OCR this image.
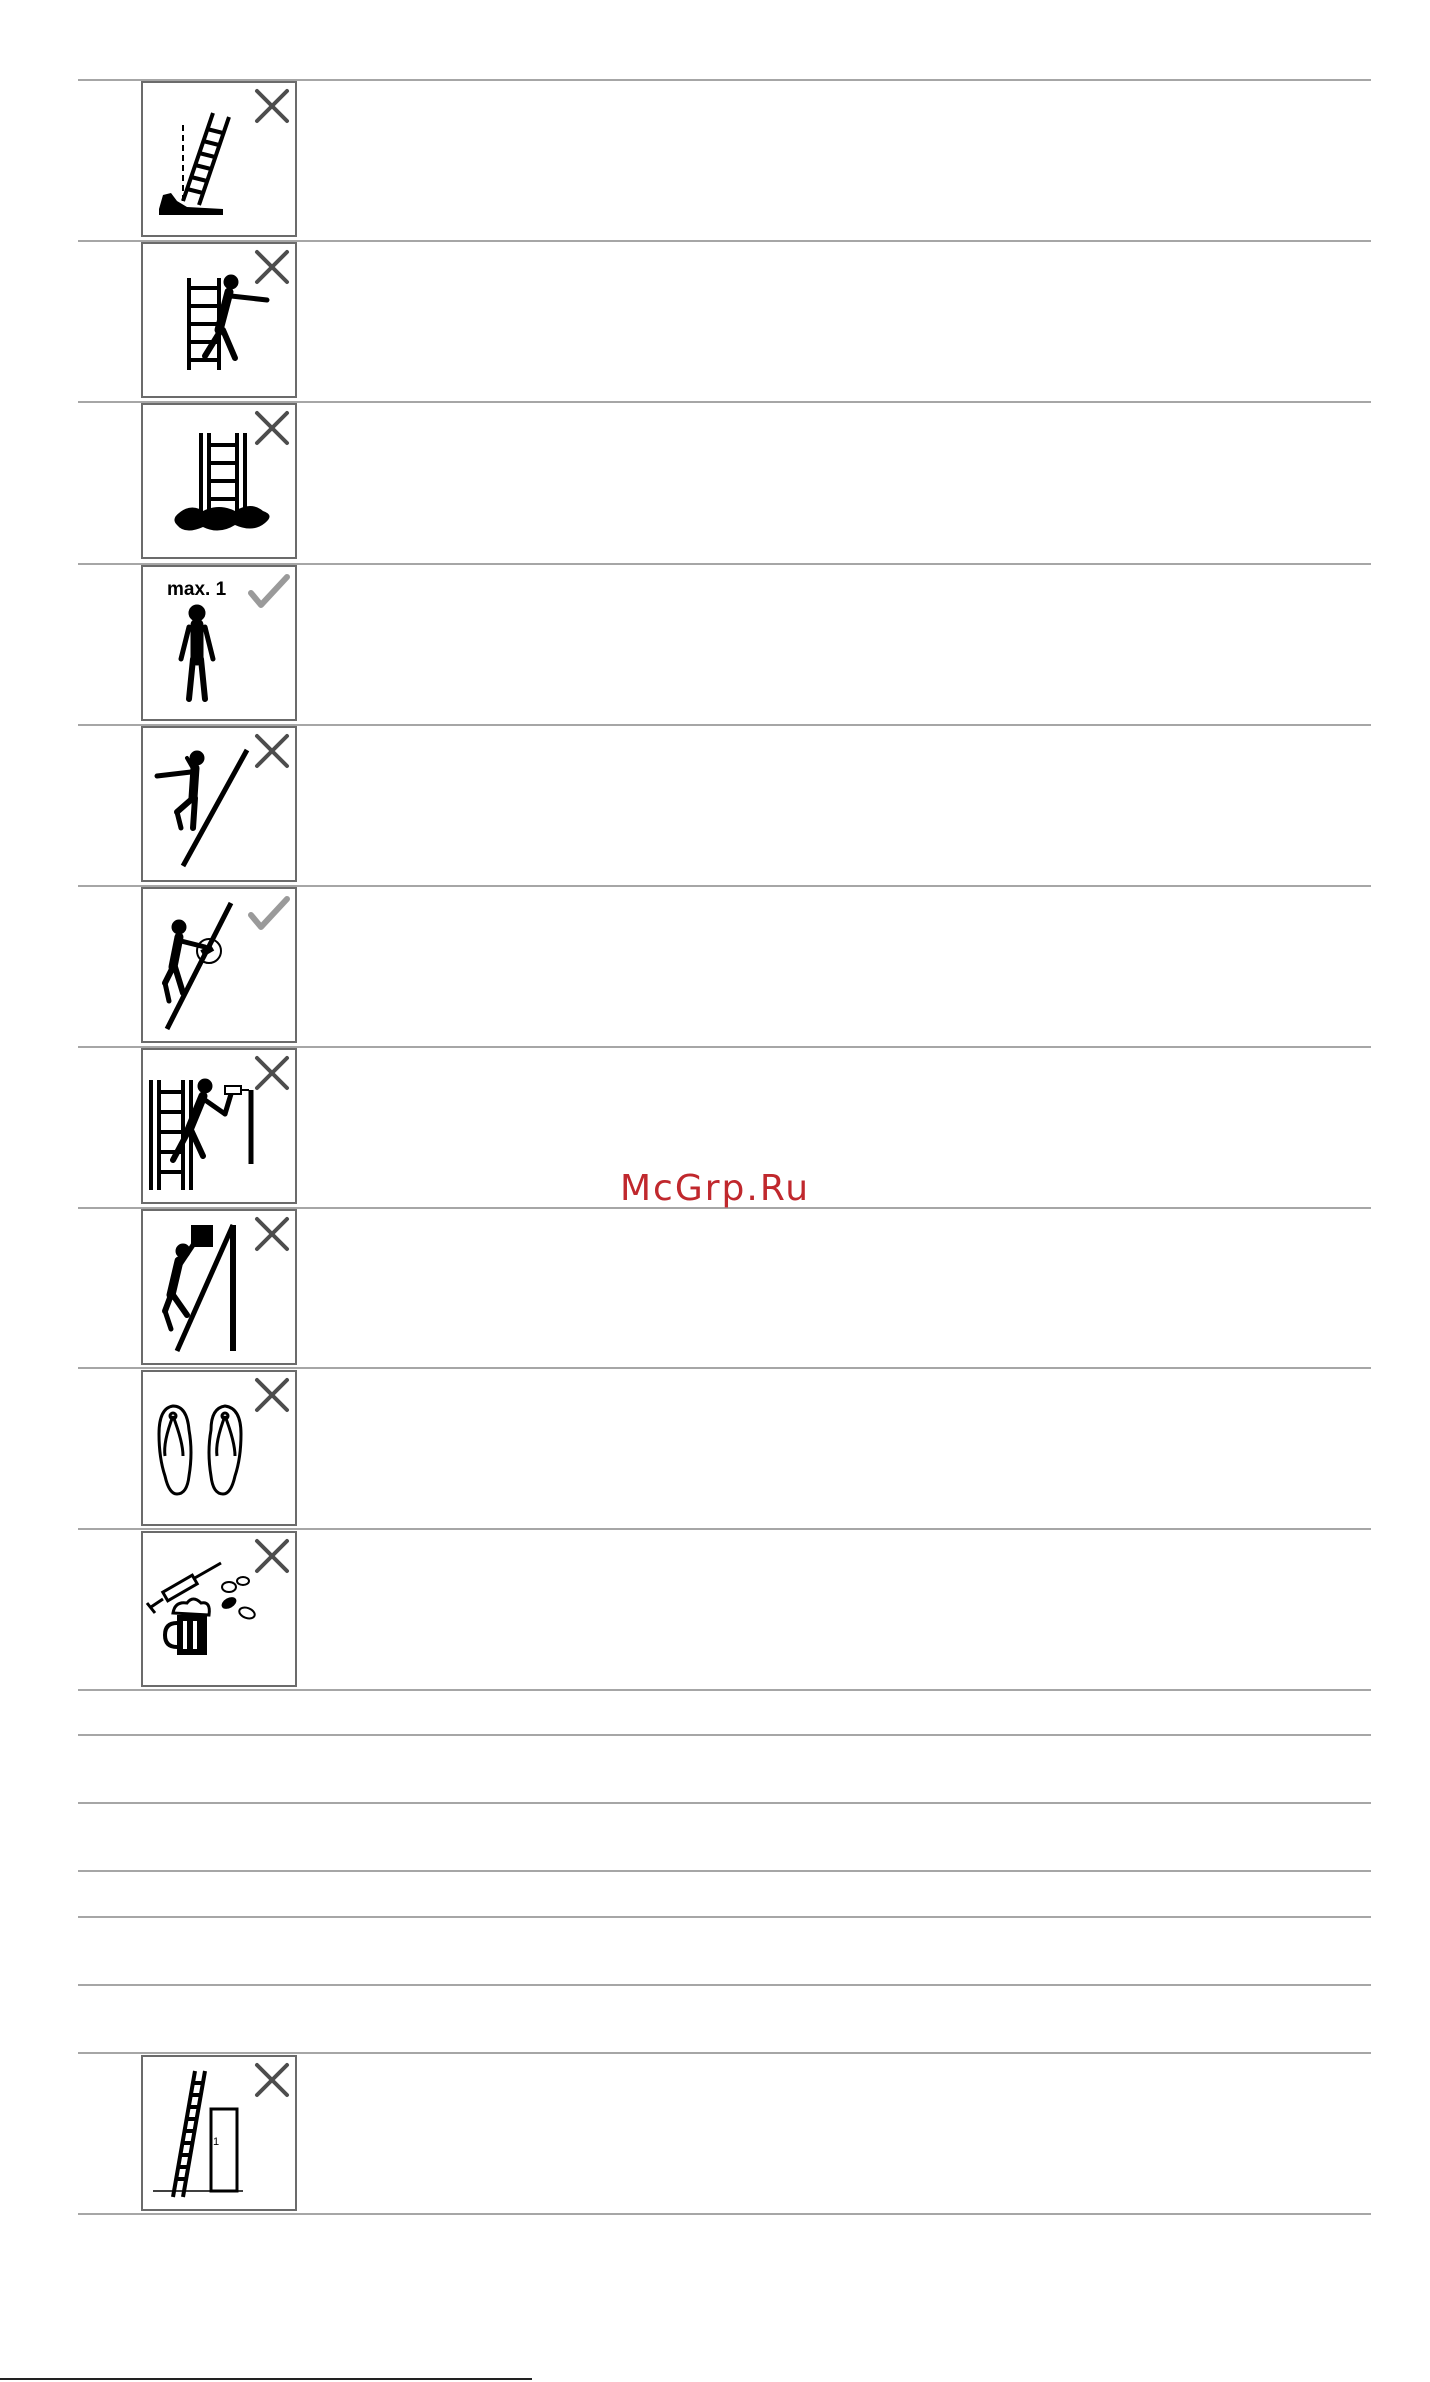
max. 1
1
McGrp.Ru
